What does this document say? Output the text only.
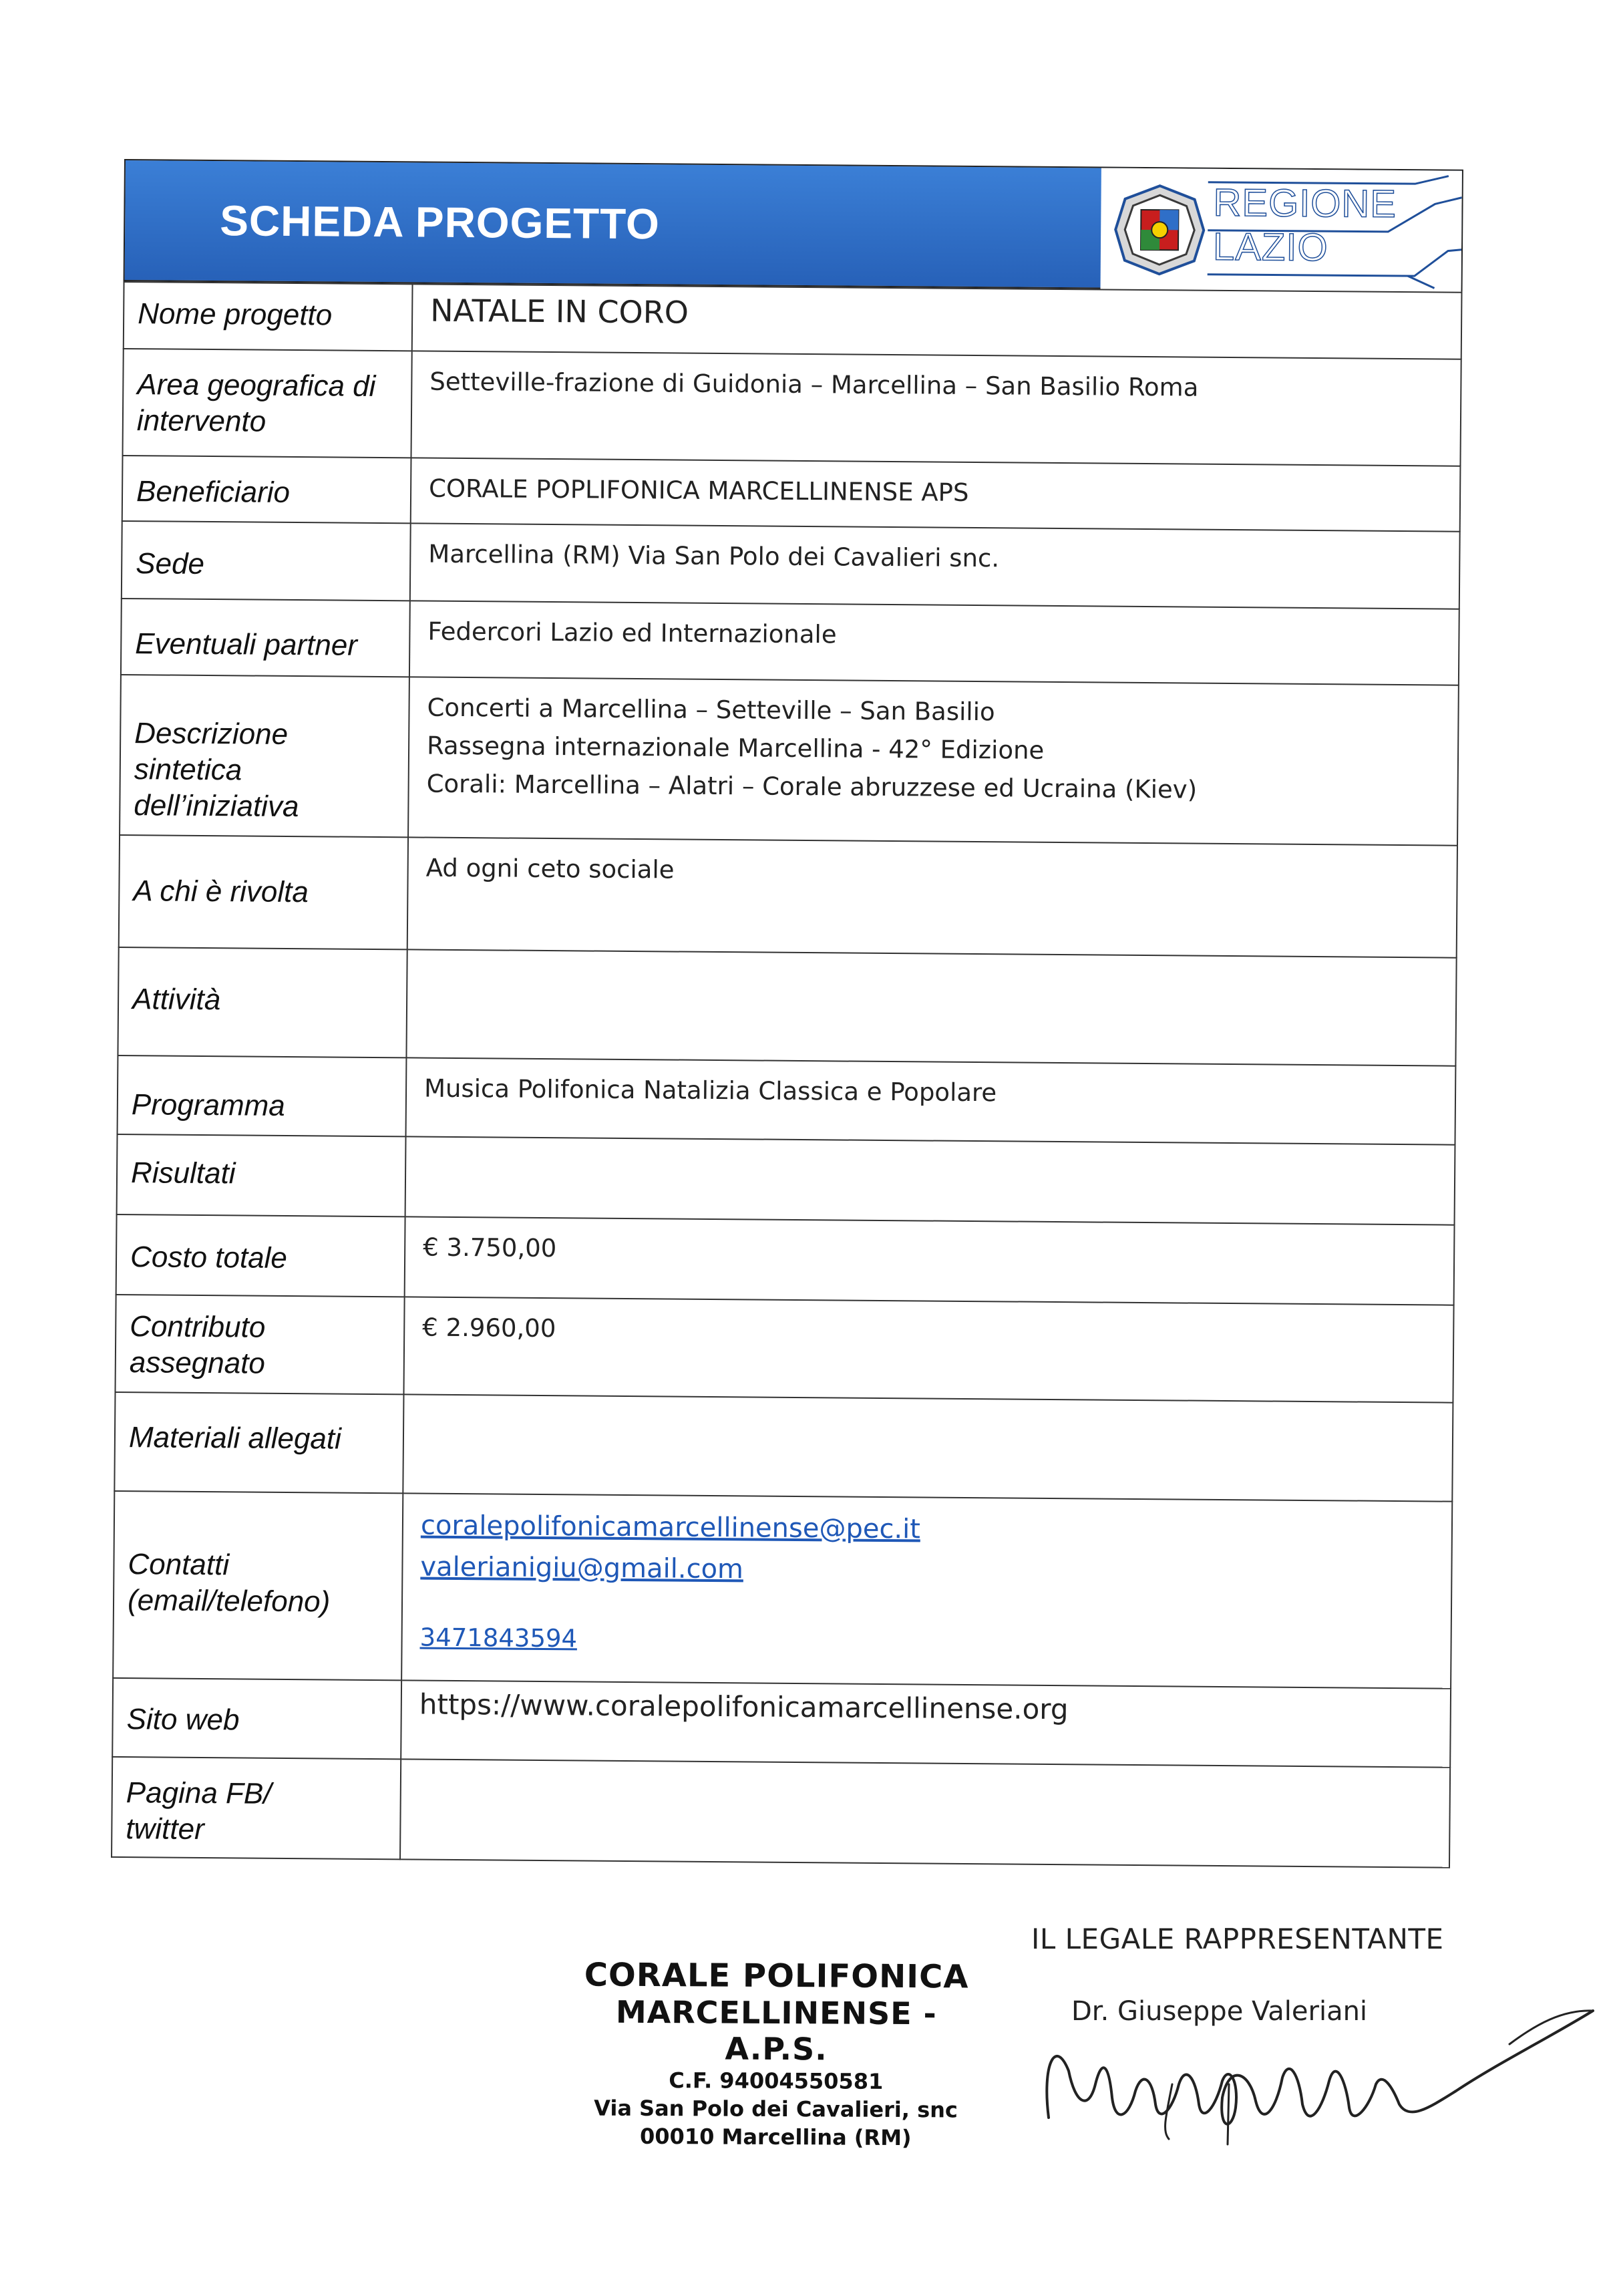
SCHEDA PROGETTO	REGIONE
LAZIO
Nome progetto	NATALE IN CORO

Area geografica di intervento	Setteville-frazione di Guidonia – Marcellina – San Basilio Roma

Beneficiario	CORALE POPLIFONICA MARCELLINENSE APS

Sede	Marcellina (RM) Via San Polo dei Cavalieri snc.

Eventuali partner	Federcori Lazio ed Internazionale

Descrizione sintetica dell’iniziativa	Concerti a Marcellina – Setteville – San Basilio
Rassegna internazionale Marcellina - 42° Edizione
Corali: Marcellina – Alatri – Corale abruzzese ed Ucraina (Kiev)

A chi è rivolta	Ad ogni ceto sociale

Attività	

Programma	Musica Polifonica Natalizia Classica e Popolare

Risultati	

Costo totale	€ 3.750,00

Contributo assegnato	€ 2.960,00

Materiali allegati	

Contatti (email/telefono)	coralepolifonicamarcellinense@pec.it
valerianigiu@gmail.com
3471843594

Sito web	https://www.coralepolifonicamarcellinense.org

Pagina FB/ twitter	

IL LEGALE RAPPRESENTANTE
CORALE POLIFONICA
MARCELLINENSE - A.P.S.
C.F. 94004550581
Via San Polo dei Cavalieri, snc
00010 Marcellina (RM)
Dr. Giuseppe Valeriani
